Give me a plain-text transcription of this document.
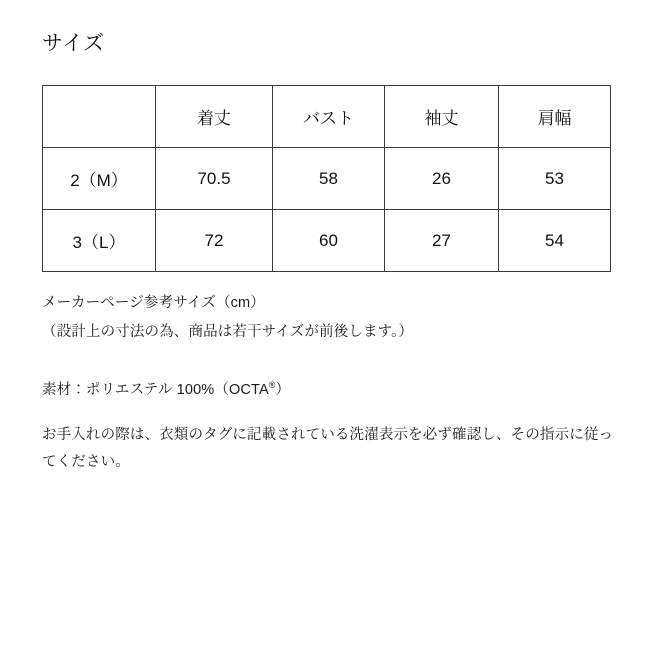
サイズ
	着丈	バスト	袖丈	肩幅
2（M）	70.5	58	26	53
3（L）	72	60	27	54
メーカーページ参考サイズ（cm）
（設計上の寸法の為、商品は若干サイズが前後します。）
素材：ポリエステル 100%（OCTA®）
お手入れの際は、衣類のタグに記載されている洗濯表示を必ず確認し、その指示に従ってください。
